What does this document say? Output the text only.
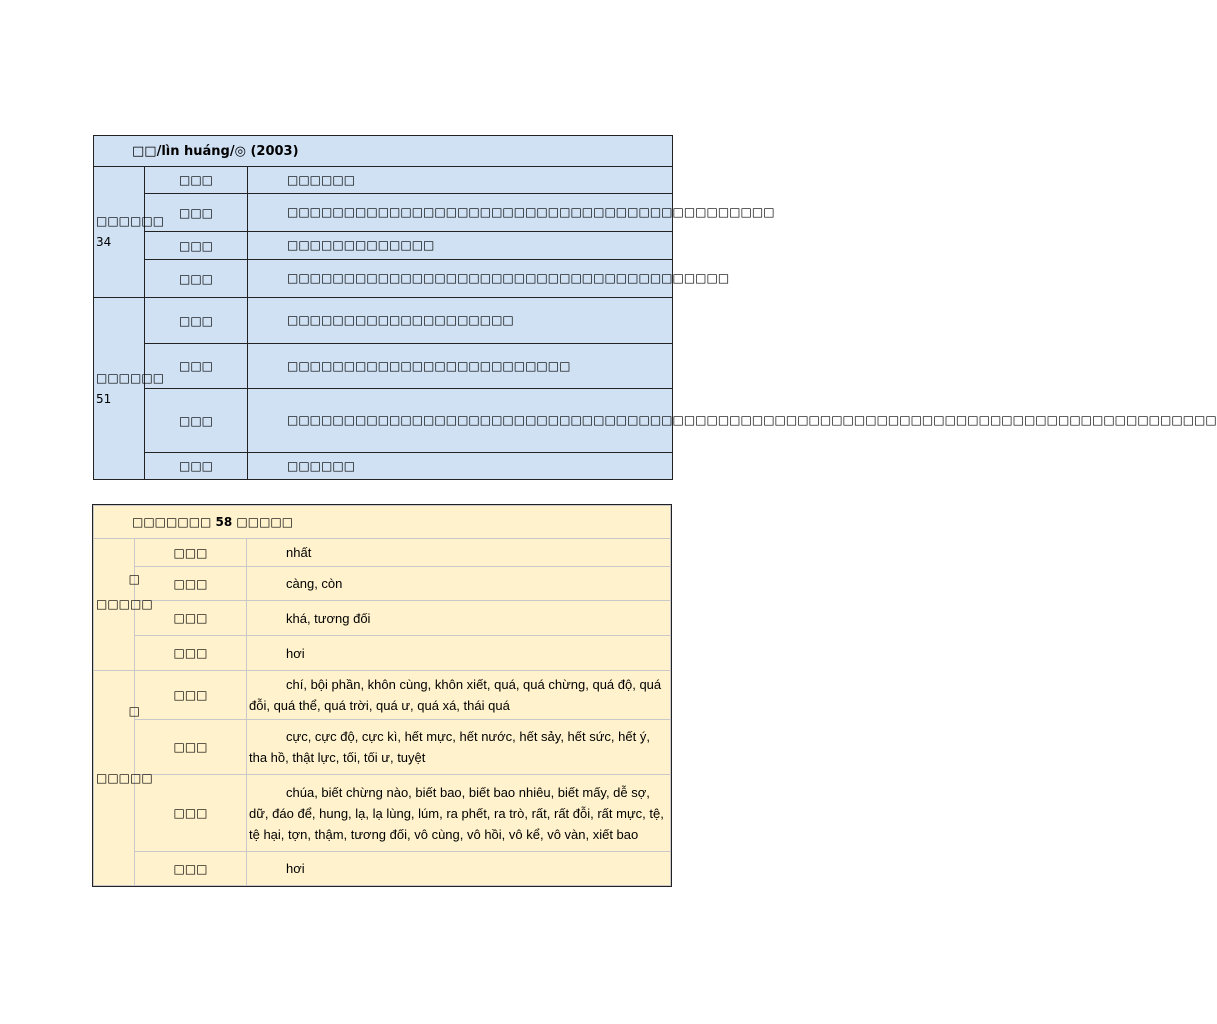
□□/lìn huáng/◎ (2003)		
□□□□□□
34	□□□	□□□□□□
	□□□	□□□□□□□□□□□□□□□□□□□□□□□□□□□□□□□□□□□□□□□□□□□
	□□□	□□□□□□□□□□□□□
	□□□	□□□□□□□□□□□□□□□□□□□□□□□□□□□□□□□□□□□□□□□
□□□□□□
51	□□□	□□□□□□□□□□□□□□□□□□□□
	□□□	□□□□□□□□□□□□□□□□□□□□□□□□□
	□□□	□□□□□□□□□□□□□□□□□□□□□□□□□□□□□□□□□□□□□□□□□□□□□□□□□□□□□□□□□□□□□□□□□□□□□□□□□□□□□□□□□□
	□□□	□□□□□□
□□□□□□□ 58 □□□□□		
□□□□□
□	□□□	nhất
	□□□	càng, còn
	□□□	khá, tương đối
	□□□	hơi
□□□□□
□	□□□	chí, bội phần, khôn cùng, khôn xiết, quá, quá chừng, quá độ, quá đỗi, quá thể, quá trời, quá ư, quá xá, thái quá
	□□□	cực, cực độ, cực kì, hết mực, hết nước, hết sảy, hết sức, hết ý, tha hồ, thật lực, tối, tối ư, tuyệt
	□□□	chúa, biết chừng nào, biết bao, biết bao nhiêu, biết mấy, dễ sợ, dữ, đáo để, hung, lạ, lạ lùng, lúm, ra phết, ra trò, rất, rất đỗi, rất mực, tệ, tệ hại, tợn, thậm, tương đối, vô cùng, vô hồi, vô kể, vô vàn, xiết bao
	□□□	hơi
